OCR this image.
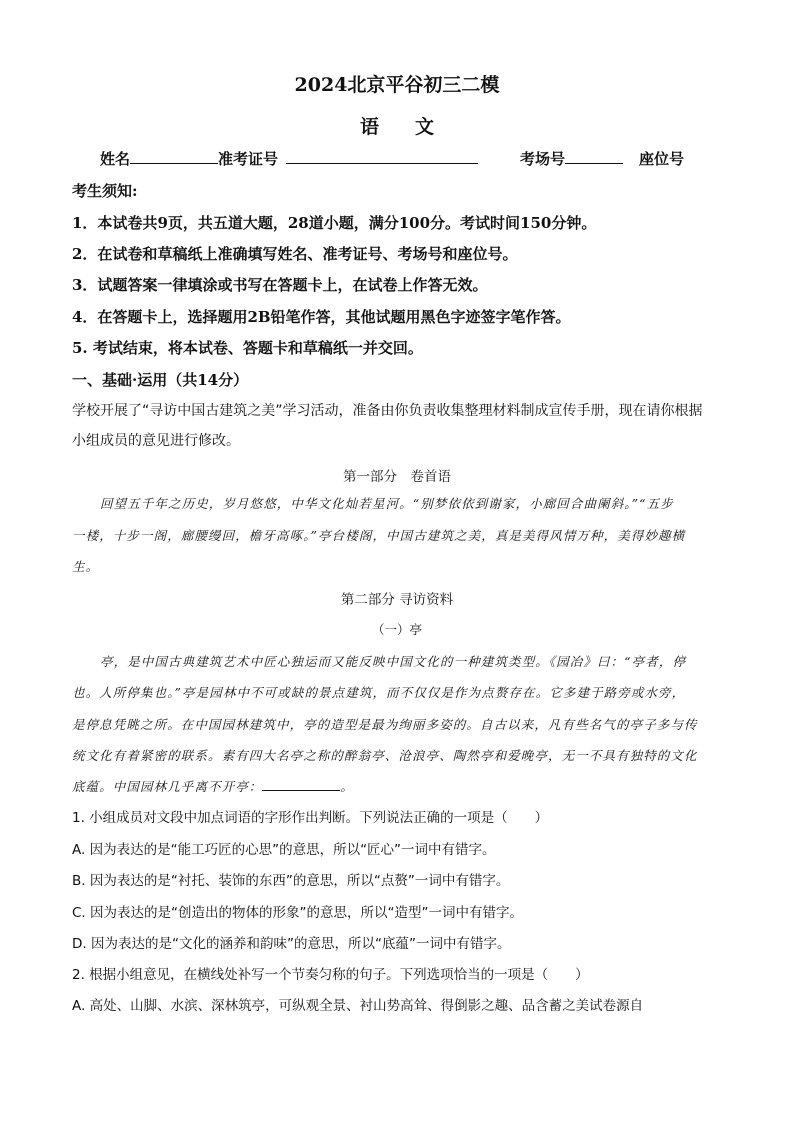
2024北京平谷初三二模
语文
姓名	准考证号	考场号	座位号
考生须知:
1．本试卷共9页，共五道大题，28道小题，满分100分。考试时间150分钟。
2．在试卷和草稿纸上准确填写姓名、准考证号、考场号和座位号。
3．试题答案一律填涂或书写在答题卡上，在试卷上作答无效。
4．在答题卡上，选择题用2B铅笔作答，其他试题用黑色字迹签字笔作答。
5. 考试结束，将本试卷、答题卡和草稿纸一并交回。
一、基础·运用（共14分）
学校开展了“寻访中国古建筑之美”学习活动，准备由你负责收集整理材料制成宣传手册，现在请你根据
小组成员的意见进行修改。
第一部分　卷首语
回望五千年之历史，岁月悠悠，中华文化灿若星河。“别梦依依到谢家，小廊回合曲阑斜。”“五步
一楼，十步一阁，廊腰缦回，檐牙高啄。”亭台楼阁，中国古建筑之美，真是美得风情万种，美得妙趣横
生。
第二部分 寻访资料
（一）亭
亭，是中国古典建筑艺术中匠心独运而又能反映中国文化的一种建筑类型。《园冶》曰：“亭者，停
也。人所停集也。”亭是园林中不可或缺的景点建筑，而不仅仅是作为点赘存在。它多建于路旁或水旁，
是停息凭眺之所。在中国园林建筑中，亭的造型是最为绚丽多姿的。自古以来，凡有些名气的亭子多与传
统文化有着紧密的联系。素有四大名亭之称的醉翁亭、沧浪亭、陶然亭和爱晚亭，无一不具有独特的文化
底蕴。中国园林几乎离不开亭：	。
1. 小组成员对文段中加点词语的字形作出判断。下列说法正确的一项是（　　）
A. 因为表达的是“能工巧匠的心思”的意思，所以“匠心”一词中有错字。
B. 因为表达的是“衬托、装饰的东西”的意思，所以“点赘”一词中有错字。
C. 因为表达的是“创造出的物体的形象”的意思，所以“造型”一词中有错字。
D. 因为表达的是“文化的涵养和韵味”的意思，所以“底蕴”一词中有错字。
2. 根据小组意见，在横线处补写一个节奏匀称的句子。下列选项恰当的一项是（　　）
A. 高处、山脚、水滨、深林筑亭，可纵观全景、衬山势高耸、得倒影之趣、品含蓄之美试卷源自
